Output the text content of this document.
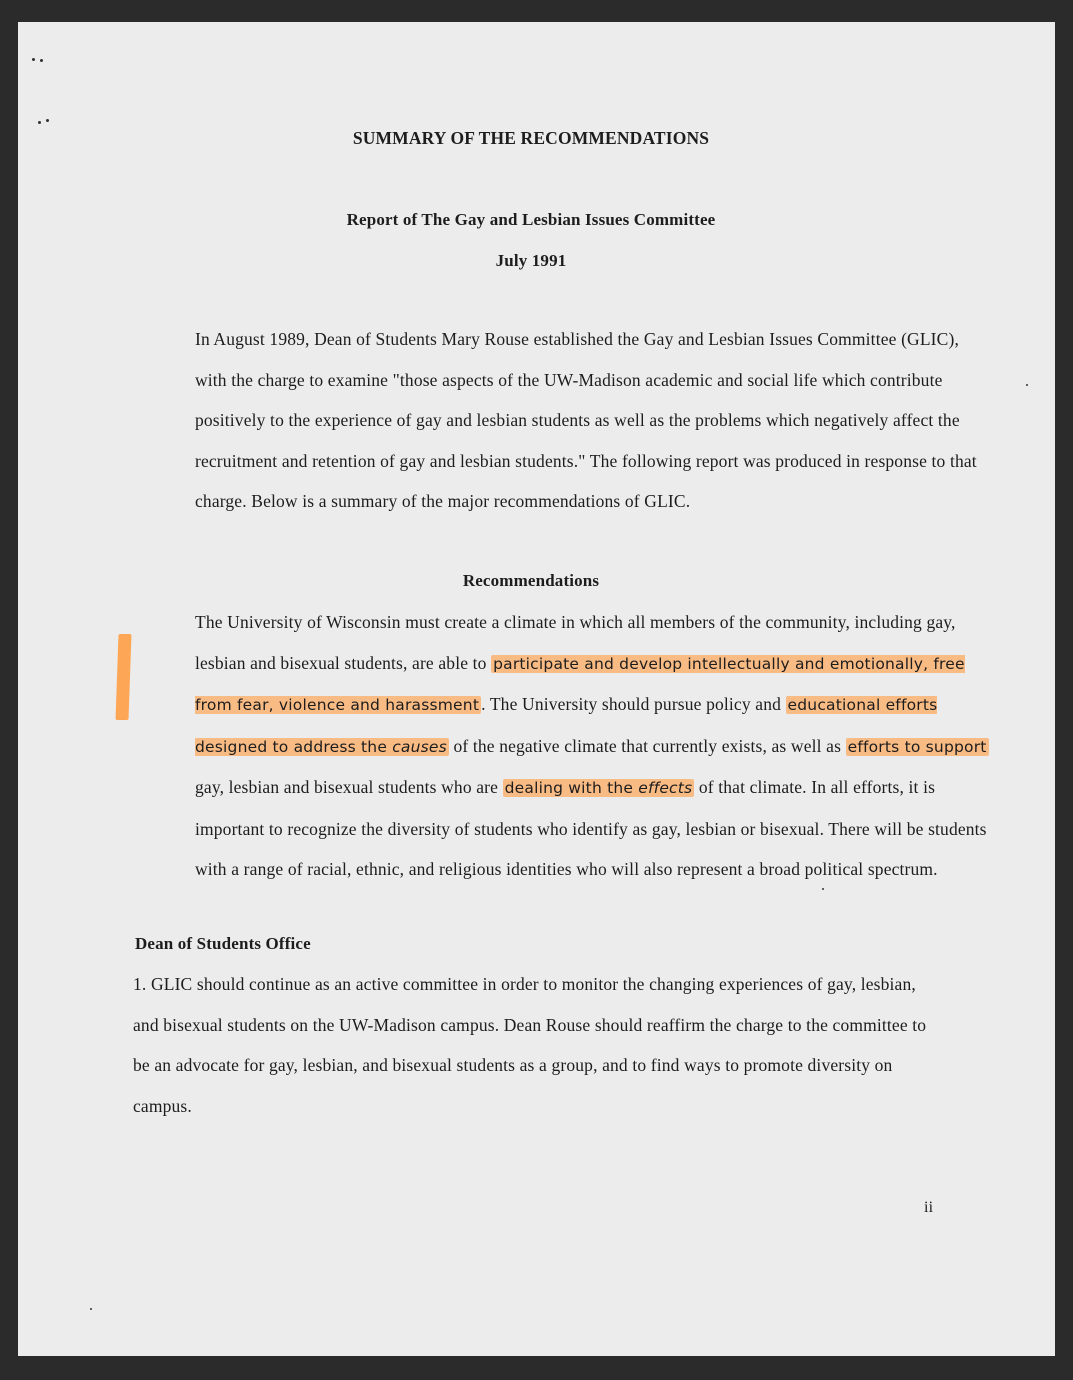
SUMMARY OF THE RECOMMENDATIONS
Report of The Gay and Lesbian Issues Committee
July 1991

In August 1989, Dean of Students Mary Rouse established the Gay and Lesbian Issues Committee (GLIC), with the charge to examine "those aspects of the UW-Madison academic and social life which contribute positively to the experience of gay and lesbian students as well as the problems which negatively affect the recruitment and retention of gay and lesbian students." The following report was produced in response to that charge. Below is a summary of the major recommendations of GLIC.

Recommendations

The University of Wisconsin must create a climate in which all members of the community, including gay, lesbian and bisexual students, are able to participate and develop intellectually and emotionally, free from fear, violence and harassment . The University should pursue policy and educational efforts designed to address the causes of the negative climate that currently exists, as well as efforts to support gay, lesbian and bisexual students who are dealing with the effects of that climate. In all efforts, it is important to recognize the diversity of students who identify as gay, lesbian or bisexual. There will be students with a range of racial, ethnic, and religious identities who will also represent a broad political spectrum.

Dean of Students Office

1. GLIC should continue as an active committee in order to monitor the changing experiences of gay, lesbian, and bisexual students on the UW-Madison campus. Dean Rouse should reaffirm the charge to the committee to be an advocate for gay, lesbian, and bisexual students as a group, and to find ways to promote diversity on campus.

ii
